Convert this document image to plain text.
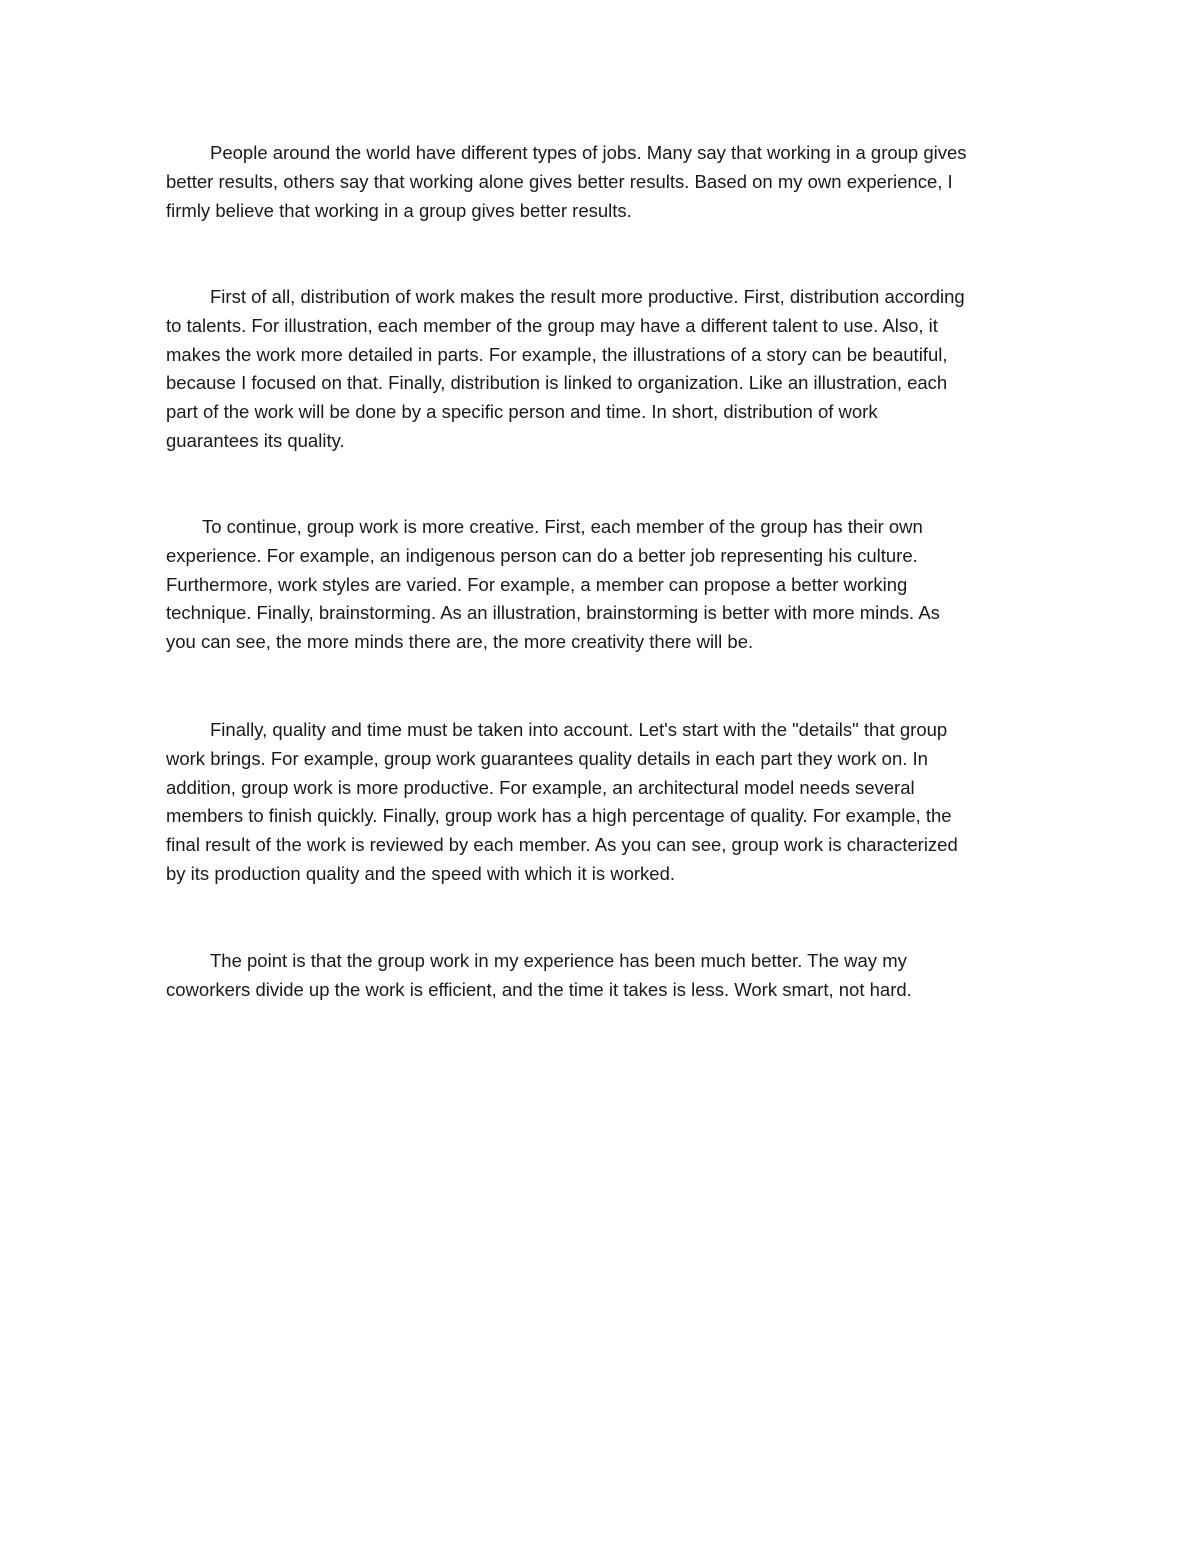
People around the world have different types of jobs. Many say that working in a group gives
better results, others say that working alone gives better results. Based on my own experience, I
firmly believe that working in a group gives better results.
First of all, distribution of work makes the result more productive. First, distribution according
to talents. For illustration, each member of the group may have a different talent to use. Also, it
makes the work more detailed in parts. For example, the illustrations of a story can be beautiful,
because I focused on that. Finally, distribution is linked to organization. Like an illustration, each
part of the work will be done by a specific person and time. In short, distribution of work
guarantees its quality.
To continue, group work is more creative. First, each member of the group has their own
experience. For example, an indigenous person can do a better job representing his culture.
Furthermore, work styles are varied. For example, a member can propose a better working
technique. Finally, brainstorming. As an illustration, brainstorming is better with more minds. As
you can see, the more minds there are, the more creativity there will be.
Finally, quality and time must be taken into account. Let's start with the "details" that group
work brings. For example, group work guarantees quality details in each part they work on. In
addition, group work is more productive. For example, an architectural model needs several
members to finish quickly. Finally, group work has a high percentage of quality. For example, the
final result of the work is reviewed by each member. As you can see, group work is characterized
by its production quality and the speed with which it is worked.
The point is that the group work in my experience has been much better. The way my
coworkers divide up the work is efficient, and the time it takes is less. Work smart, not hard.
